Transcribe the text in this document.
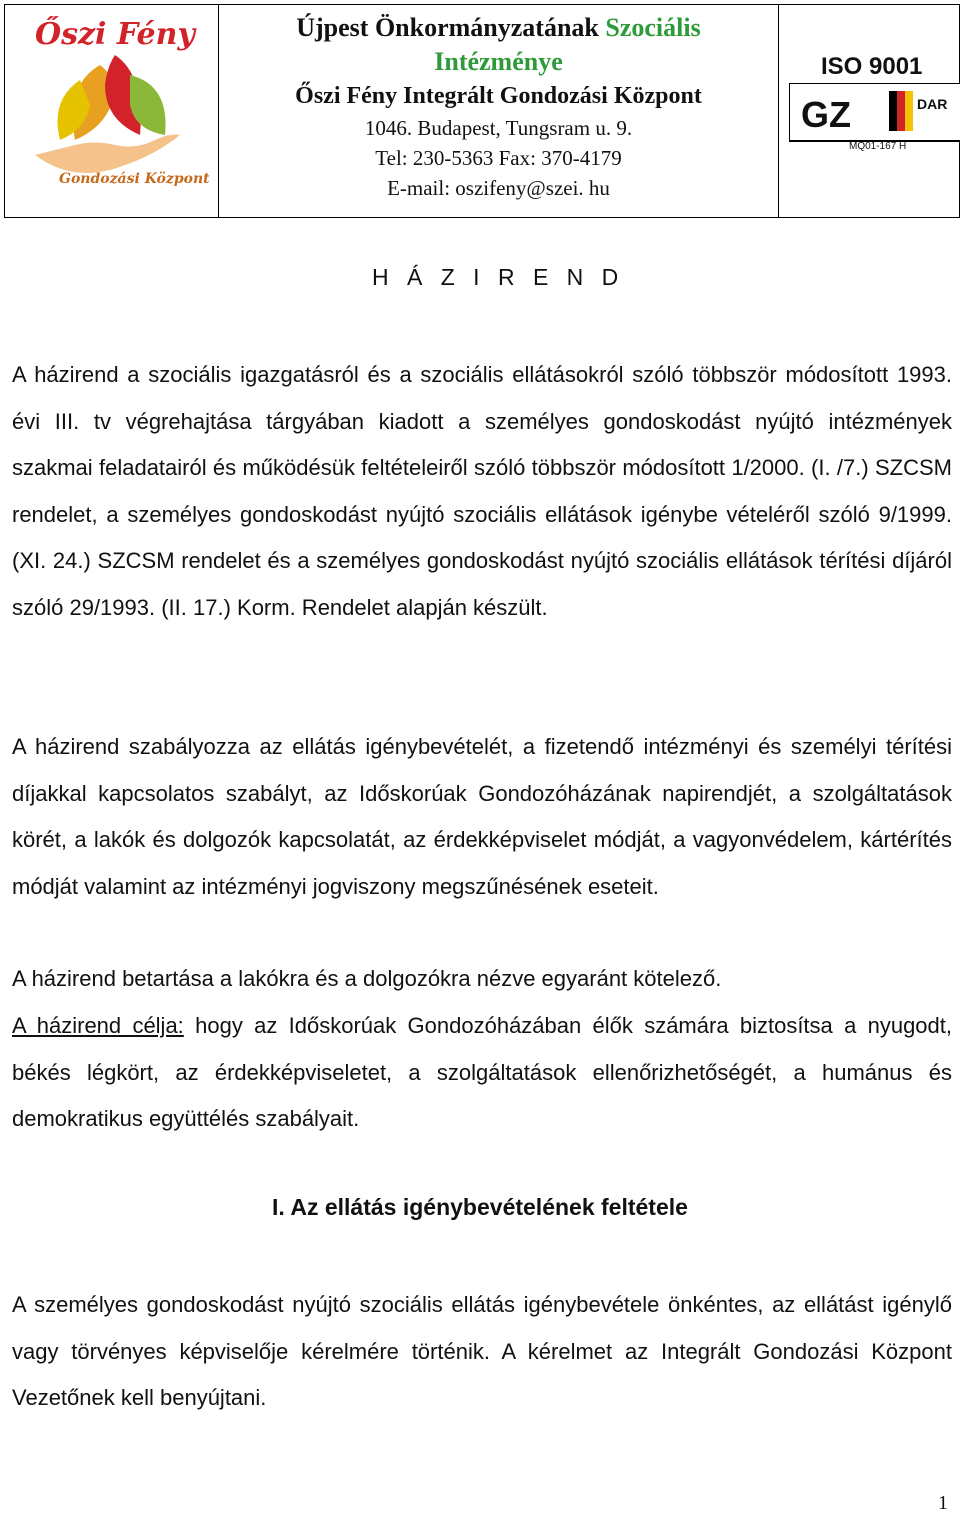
Őszi Fény
Gondozási Központ
Újpest Önkormányzatának Szociális
Intézménye
Őszi Fény Integrált Gondozási Központ
1046. Budapest, Tungsram u. 9.
Tel: 230-5363 Fax: 370-4179
E-mail: oszifeny@szei. hu
ISO 9001
GZ	DAR
MQ01-167 H
H Á Z I R E N D
A házirend a szociális igazgatásról és a szociális ellátásokról szóló többször módosított 1993. évi III. tv végrehajtása tárgyában kiadott a személyes gondoskodást nyújtó intézmények szakmai feladatairól és működésük feltételeiről szóló többször módosított 1/2000. (I. /7.) SZCSM rendelet, a személyes gondoskodást nyújtó szociális ellátások igénybe vételéről szóló 9/1999. (XI. 24.) SZCSM rendelet és a személyes gondoskodást nyújtó szociális ellátások térítési díjáról szóló 29/1993. (II. 17.) Korm. Rendelet alapján készült.
A házirend szabályozza az ellátás igénybevételét, a fizetendő intézményi és személyi térítési díjakkal kapcsolatos szabályt, az Időskorúak Gondozóházának napirendjét, a szolgáltatások körét, a lakók és dolgozók kapcsolatát, az érdekképviselet módját, a vagyonvédelem, kártérítés módját valamint az intézményi jogviszony megszűnésének eseteit.
A házirend betartása a lakókra és a dolgozókra nézve egyaránt kötelező.
A házirend célja: hogy az Időskorúak Gondozóházában élők számára biztosítsa a nyugodt, békés légkört, az érdekképviseletet, a szolgáltatások ellenőrizhetőségét, a humánus és demokratikus együttélés szabályait.
I. Az ellátás igénybevételének feltétele
A személyes gondoskodást nyújtó szociális ellátás igénybevétele önkéntes, az ellátást igénylő vagy törvényes képviselője kérelmére történik. A kérelmet az Integrált Gondozási Központ Vezetőnek kell benyújtani.
1
